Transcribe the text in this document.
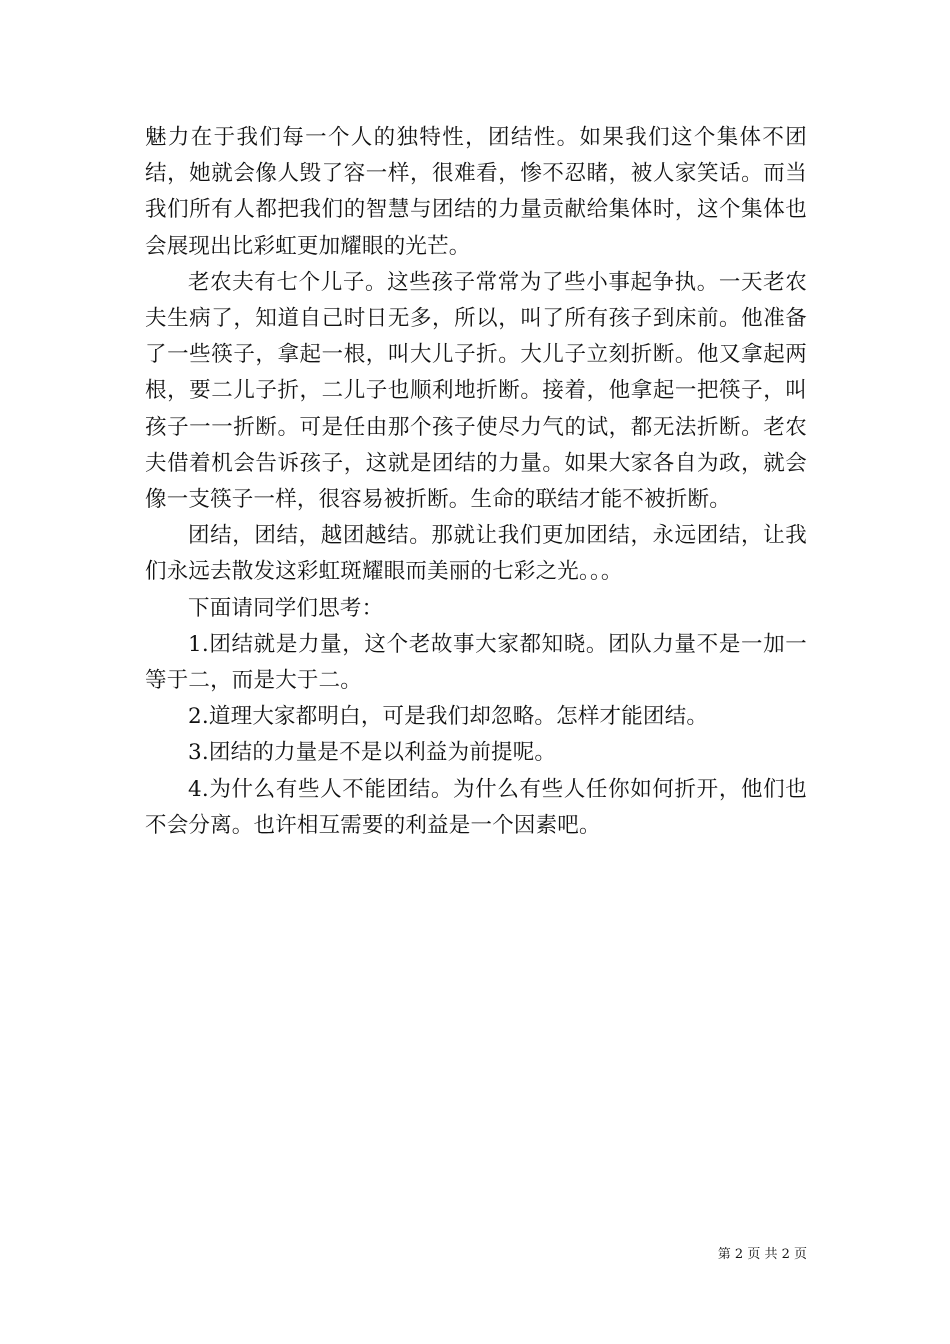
魅力在于我们每一个人的独特性，团结性。如果我们这个集体不团结，她就会像人毁了容一样，很难看，惨不忍睹，被人家笑话。而当我们所有人都把我们的智慧与团结的力量贡献给集体时，这个集体也会展现出比彩虹更加耀眼的光芒。

老农夫有七个儿子。这些孩子常常为了些小事起争执。一天老农夫生病了，知道自己时日无多，所以，叫了所有孩子到床前。他准备了一些筷子，拿起一根，叫大儿子折。大儿子立刻折断。他又拿起两根，要二儿子折，二儿子也顺利地折断。接着，他拿起一把筷子，叫孩子一一折断。可是任由那个孩子使尽力气的试，都无法折断。老农夫借着机会告诉孩子，这就是团结的力量。如果大家各自为政，就会像一支筷子一样，很容易被折断。生命的联结才能不被折断。

团结，团结，越团越结。那就让我们更加团结，永远团结，让我们永远去散发这彩虹斑耀眼而美丽的七彩之光。。。

下面请同学们思考：

1.团结就是力量，这个老故事大家都知晓。团队力量不是一加一等于二，而是大于二。

2.道理大家都明白，可是我们却忽略。怎样才能团结。

3.团结的力量是不是以利益为前提呢。

4.为什么有些人不能团结。为什么有些人任你如何折开，他们也不会分离。也许相互需要的利益是一个因素吧。

第 2 页 共 2 页
